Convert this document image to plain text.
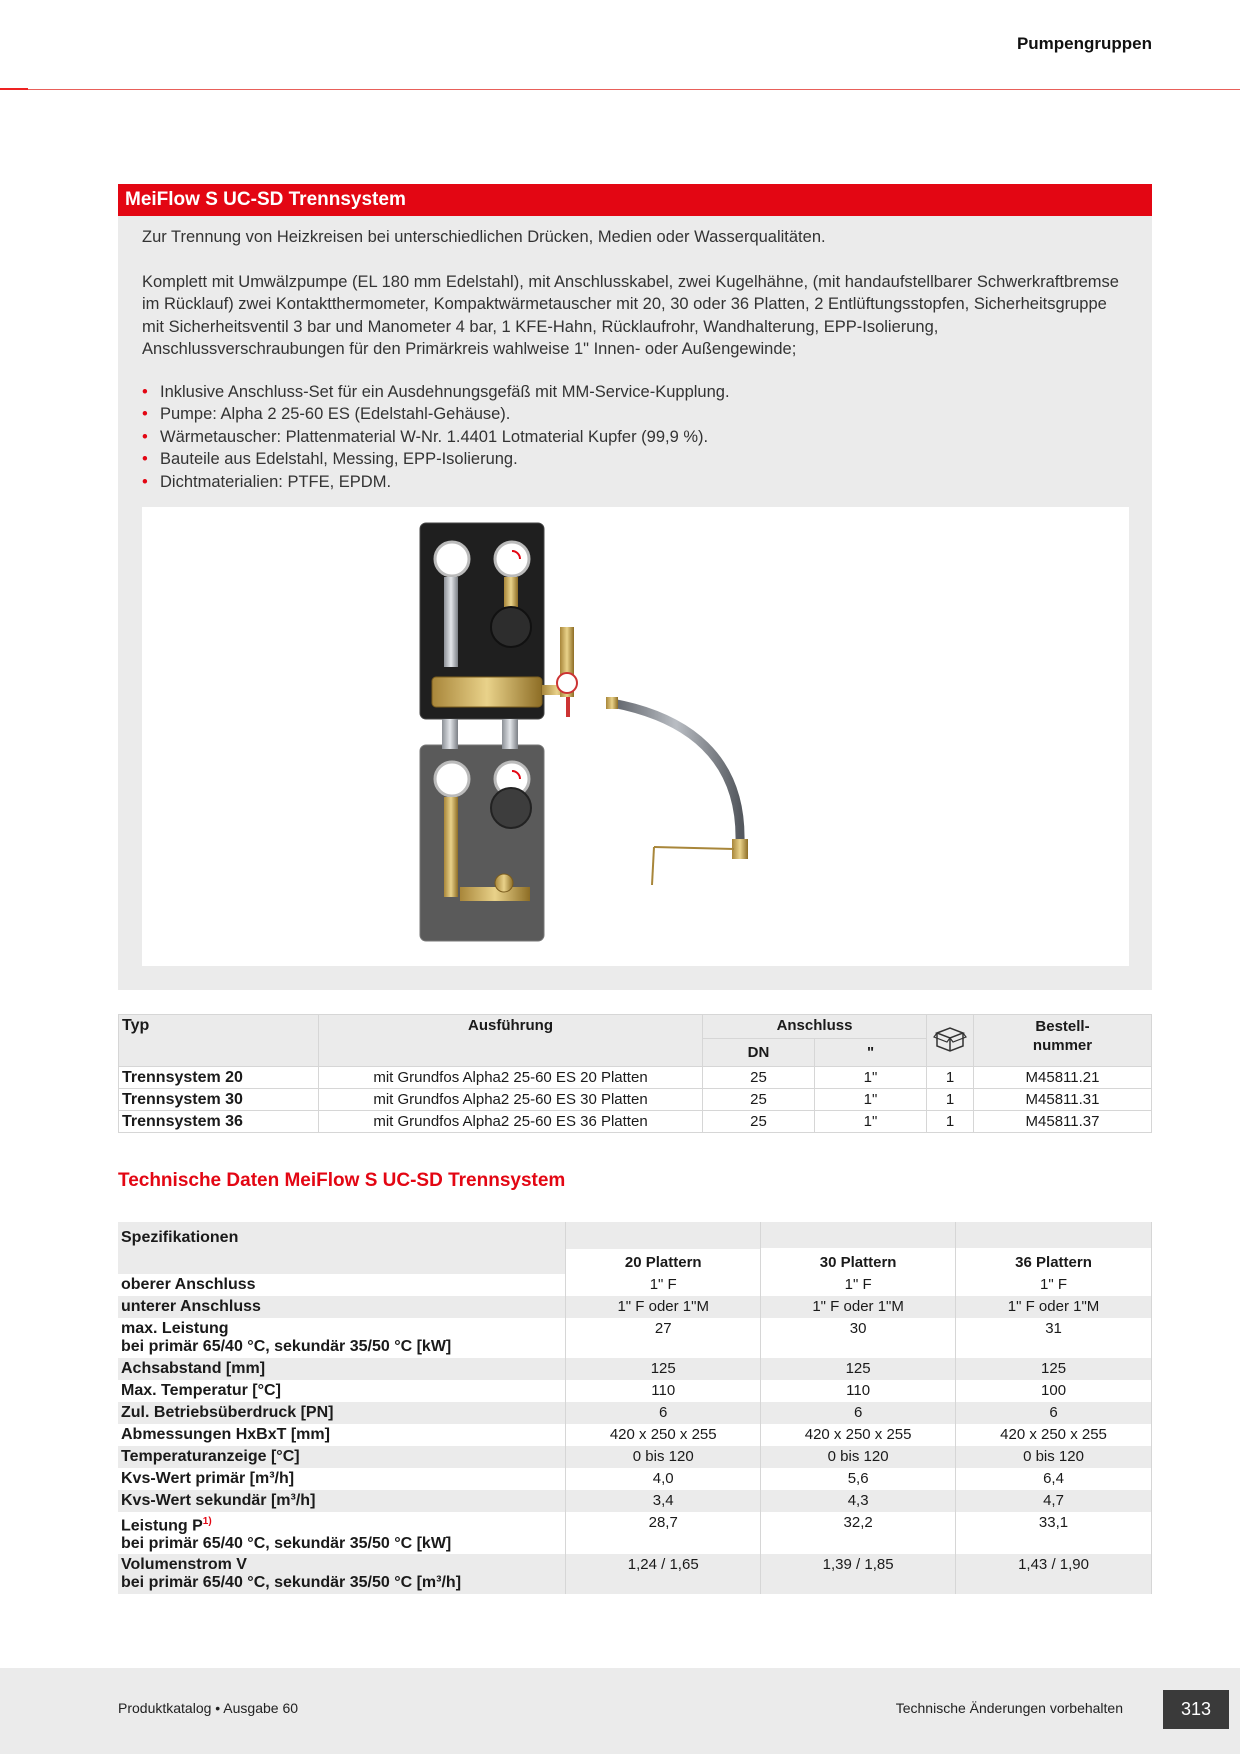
Pumpengruppen
MeiFlow S UC-SD Trennsystem

Zur Trennung von Heizkreisen bei unterschiedlichen Drücken, Medien oder Wasserqualitäten.

Komplett mit Umwälzpumpe (EL 180 mm Edelstahl), mit Anschlusskabel, zwei Kugelhähne, (mit handaufstellbarer Schwerkraftbremse im Rücklauf) zwei Kontaktthermometer, Kompaktwärmetauscher mit 20, 30 oder 36 Platten, 2 Entlüftungsstopfen, Sicherheitsgruppe mit Sicherheitsventil 3 bar und Manometer 4 bar, 1 KFE-Hahn, Rücklaufrohr, Wandhalterung, EPP-Isolierung, Anschlussverschraubungen für den Primärkreis wahlweise 1" Innen- oder Außengewinde;

• Inklusive Anschluss-Set für ein Ausdehnungsgefäß mit MM-Service-Kupplung.
• Pumpe: Alpha 2 25-60 ES (Edelstahl-Gehäuse).
• Wärmetauscher: Plattenmaterial W-Nr. 1.4401 Lotmaterial Kupfer (99,9 %).
• Bauteile aus Edelstahl, Messing, EPP-Isolierung.
• Dichtmaterialien: PTFE, EPDM.
Typ	Ausführung	Anschluss			Bestell-
nummer
		DN	"		
Trennsystem 20	mit Grundfos Alpha2 25-60 ES 20 Platten	25	1"	1	M45811.21
Trennsystem 30	mit Grundfos Alpha2 25-60 ES 30 Platten	25	1"	1	M45811.31
Trennsystem 36	mit Grundfos Alpha2 25-60 ES 36 Platten	25	1"	1	M45811.37
Technische Daten MeiFlow S UC-SD Trennsystem
Spezifikationen			
	20 Plattern	30 Plattern	36 Plattern
oberer Anschluss	1" F	1" F	1" F
unterer Anschluss	1" F oder 1"M	1" F oder 1"M	1" F oder 1"M
max. Leistung
bei primär 65/40 °C, sekundär 35/50 °C [kW]	27	30	31
Achsabstand [mm]	125	125	125
Max. Temperatur [°C]	110	110	100
Zul. Betriebsüberdruck [PN]	6	6	6
Abmessungen HxBxT [mm]	420 x 250 x 255	420 x 250 x 255	420 x 250 x 255
Temperaturanzeige [°C]	0 bis 120	0 bis 120	0 bis 120
Kvs-Wert primär [m³/h]	4,0	5,6	6,4
Kvs-Wert sekundär [m³/h]	3,4	4,3	4,7
Leistung $P^{1)}$
bei primär 65/40 °C, sekundär 35/50 °C [kW]	28,7	32,2	33,1
Volumenstrom V
bei primär 65/40 °C, sekundär 35/50 °C [m³/h]	1,24 / 1,65	1,39 / 1,85	1,43 / 1,90
Produktkatalog • Ausgabe 60	Technische Änderungen vorbehalten	313
